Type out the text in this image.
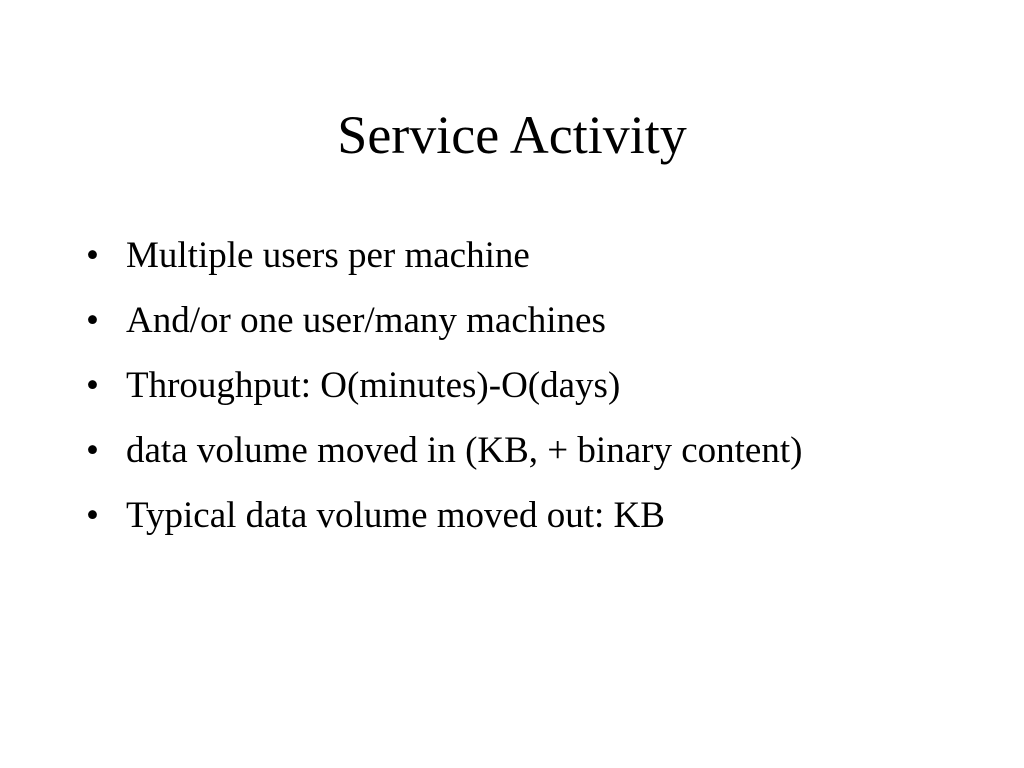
Service Activity
• Multiple users per machine
• And/or one user/many machines
• Throughput: O(minutes)-O(days)
• data volume moved in (KB, + binary content)
• Typical data volume moved out: KB
